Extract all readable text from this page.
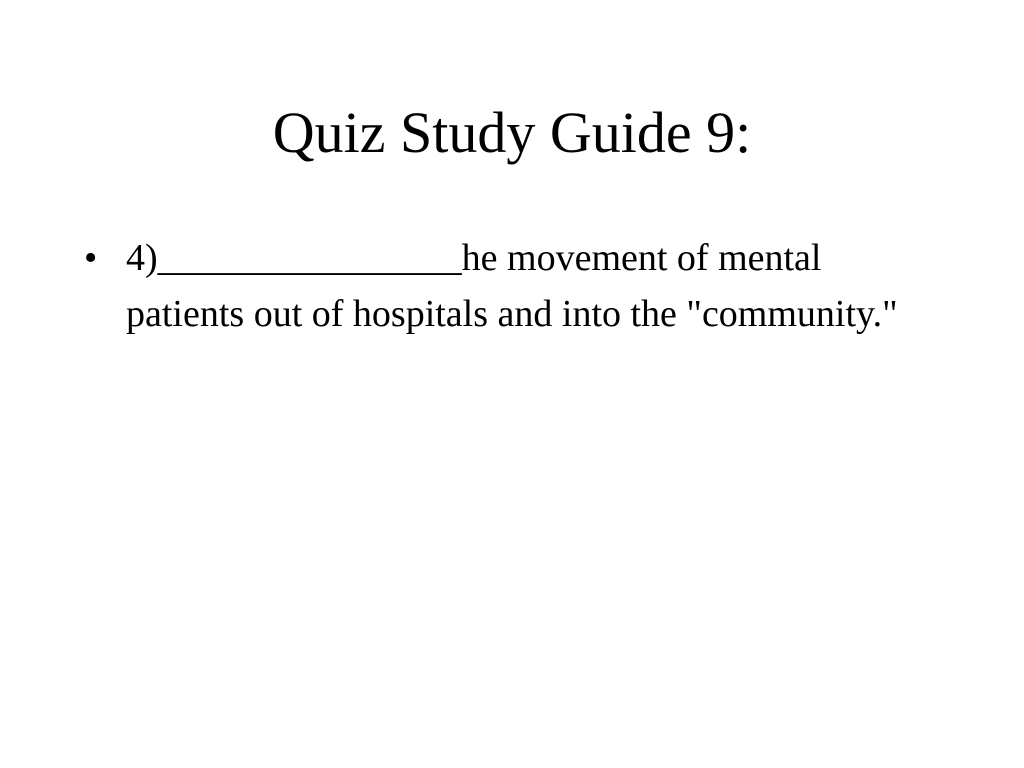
Quiz Study Guide 9:
• 4)________________he movement of mental patients out of hospitals and into the "community."
